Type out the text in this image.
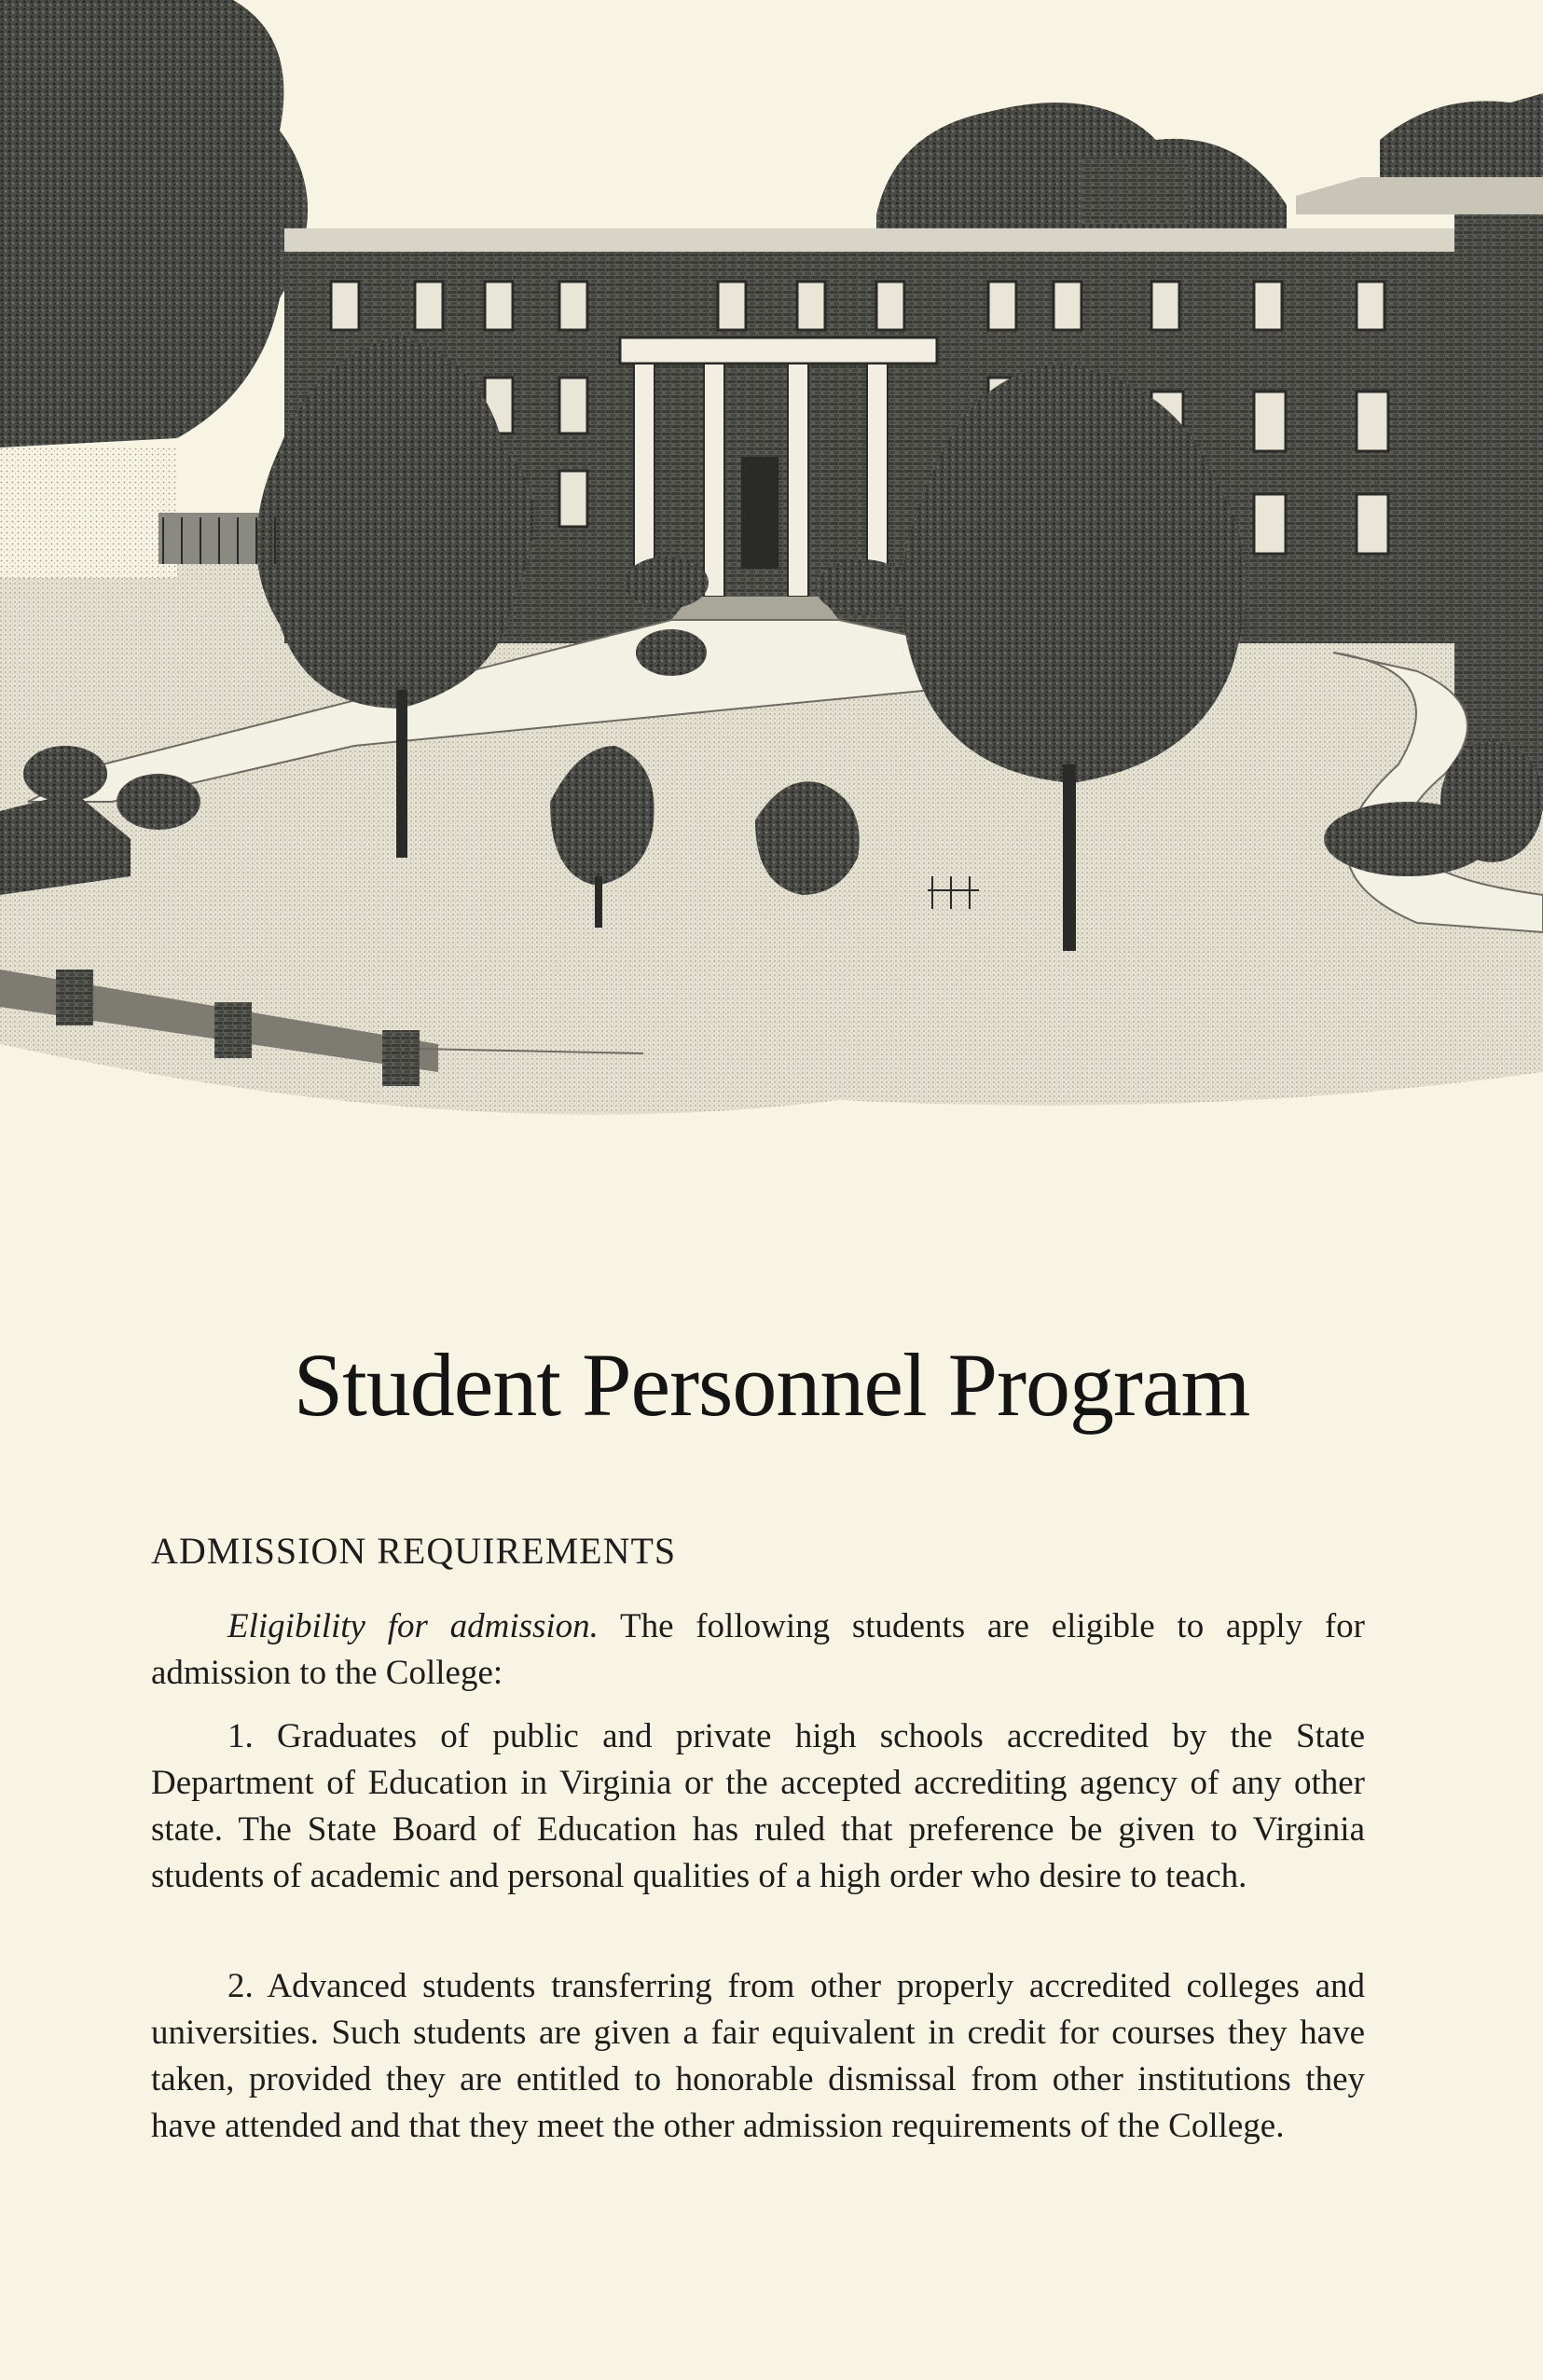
Student Personnel Program
ADMISSION REQUIREMENTS

Eligibility for admission. The following students are eligible to apply for admission to the College:

1. Graduates of public and private high schools accredited by the State Department of Education in Virginia or the accepted accrediting agency of any other state. The State Board of Education has ruled that preference be given to Virginia students of academic and personal qualities of a high order who desire to teach.

2. Advanced students transferring from other properly accredited colleges and universities. Such students are given a fair equivalent in credit for courses they have taken, provided they are entitled to honorable dismissal from other institutions they have attended and that they meet the other admission requirements of the College.
